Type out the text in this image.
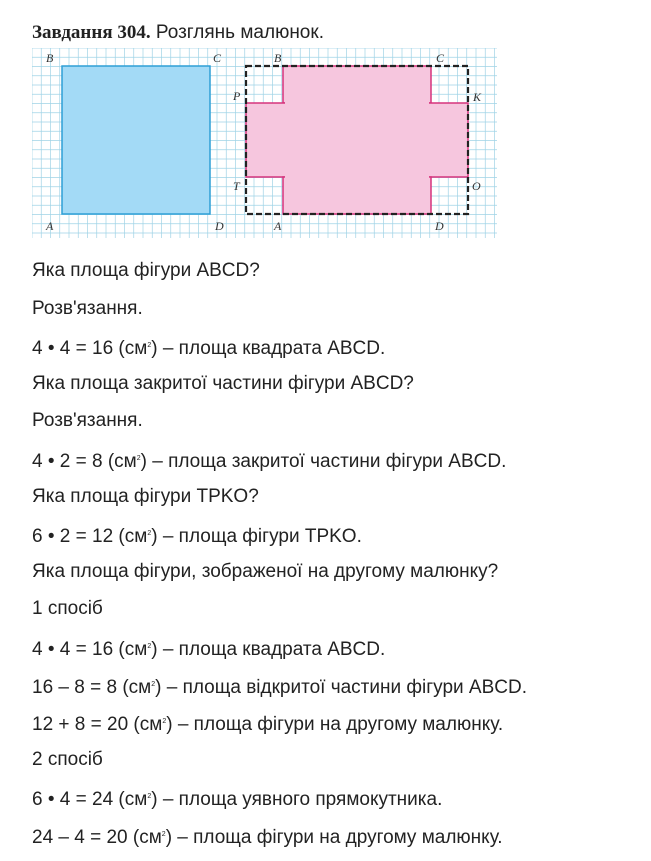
Завдання 304. Розглянь малюнок.
B	C
A	D
B	C
P	K
T	O
A	D
Яка площа фігури ABCD?
Розв'язання.
4 • 4 = 16 $(см^2)$ – площа квадрата ABCD.
Яка площа закритої частини фігури ABCD?
Розв'язання.
4 • 2 = 8 $(см^2)$ – площа закритої частини фігури ABCD.
Яка площа фігури TPKO?
6 • 2 = 12 $(см^2)$ – площа фігури TPKO.
Яка площа фігури, зображеної на другому малюнку?
1 спосіб
4 • 4 = 16 $(см^2)$ – площа квадрата ABCD.
16 – 8 = 8 $(см^2)$ – площа відкритої частини фігури ABCD.
12 + 8 = 20 $(см^2)$ – площа фігури на другому малюнку.
2 спосіб
6 • 4 = 24 $(см^2)$ – площа уявного прямокутника.
24 – 4 = 20 $(см^2)$ – площа фігури на другому малюнку.
